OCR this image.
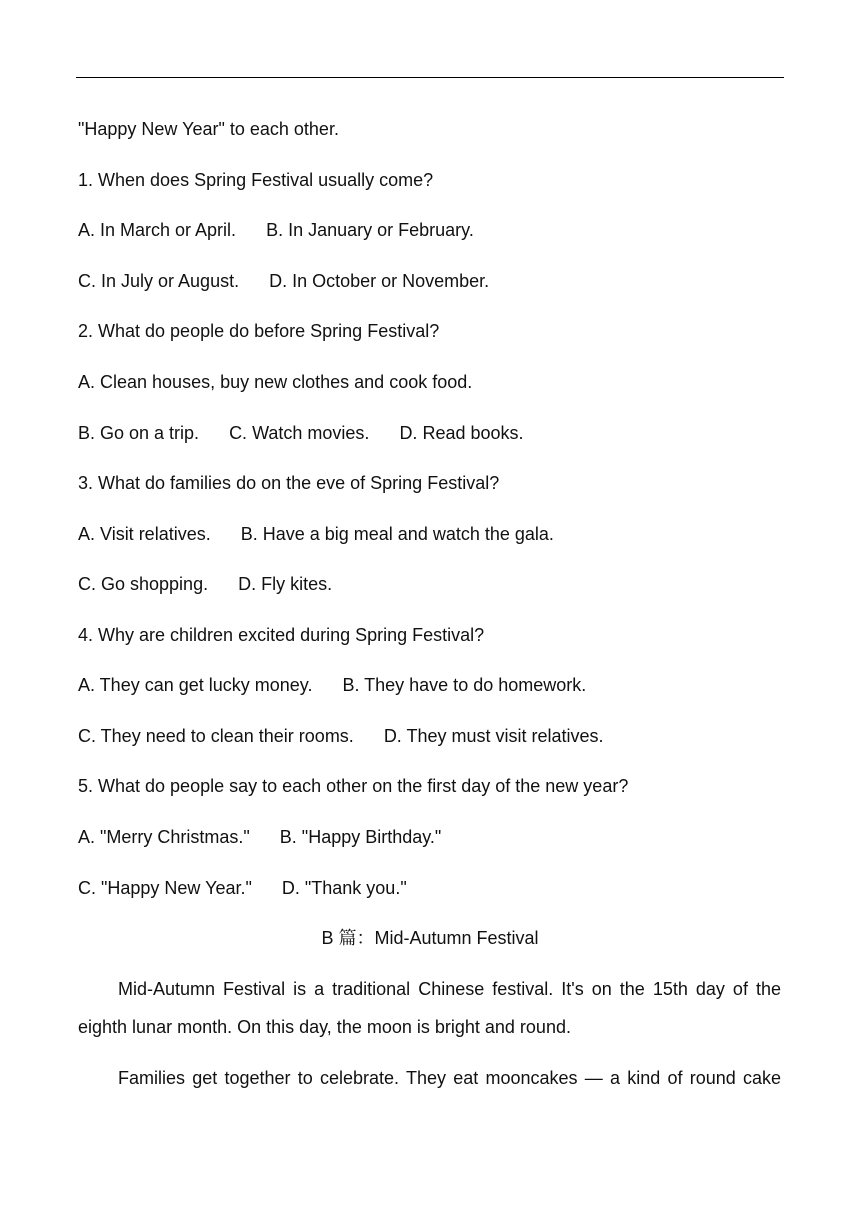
"Happy New Year" to each other.
1. When does Spring Festival usually come?
A. In March or April. B. In January or February.
C. In July or August. D. In October or November.
2. What do people do before Spring Festival?
A. Clean houses, buy new clothes and cook food.
B. Go on a trip. C. Watch movies. D. Read books.
3. What do families do on the eve of Spring Festival?
A. Visit relatives. B. Have a big meal and watch the gala.
C. Go shopping. D. Fly kites.
4. Why are children excited during Spring Festival?
A. They can get lucky money. B. They have to do homework.
C. They need to clean their rooms. D. They must visit relatives.
5. What do people say to each other on the first day of the new year?
A. "Merry Christmas." B. "Happy Birthday."
C. "Happy New Year." D. "Thank you."
B 篇：Mid-Autumn Festival
Mid-Autumn Festival is a traditional Chinese festival. It's on the 15th day of the
eighth lunar month. On this day, the moon is bright and round.
Families get together to celebrate. They eat mooncakes — a kind of round cake
